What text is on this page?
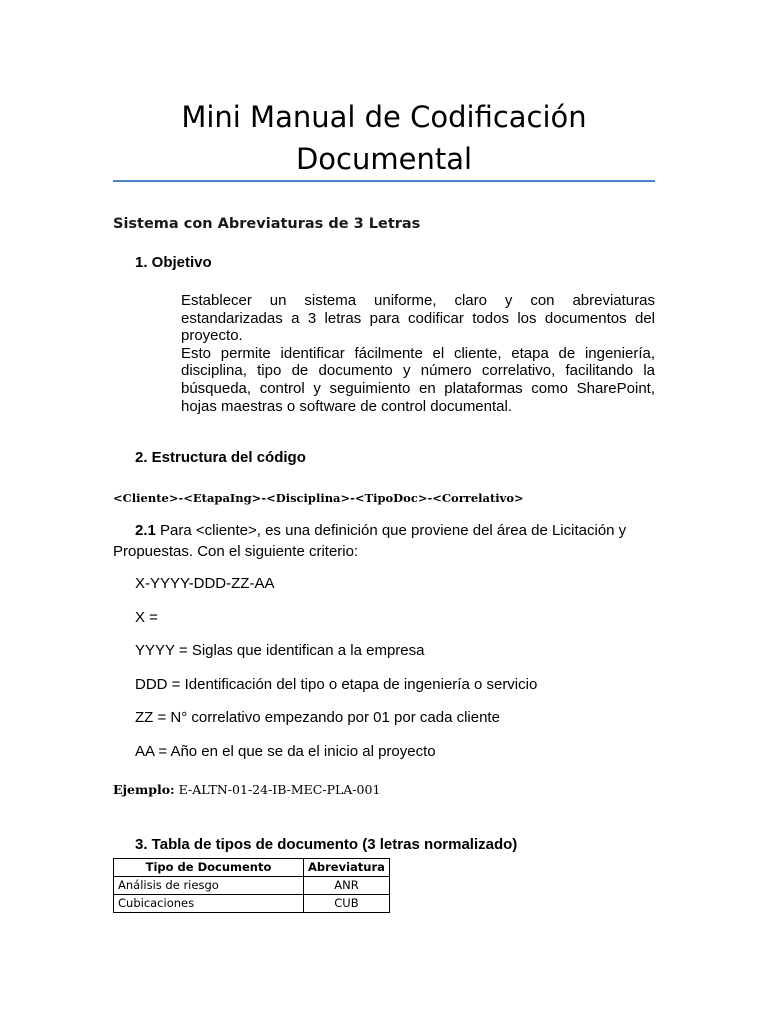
Mini Manual de Codificación
Documental
Sistema con Abreviaturas de 3 Letras
1. Objetivo

Establecer un sistema uniforme, claro y con abreviaturas estandarizadas a 3 letras para codificar todos los documentos del proyecto.

Esto permite identificar fácilmente el cliente, etapa de ingeniería, disciplina, tipo de documento y número correlativo, facilitando la búsqueda, control y seguimiento en plataformas como SharePoint, hojas maestras o software de control documental.

2. Estructura del código
<Cliente>-<EtapaIng>-<Disciplina>-<TipoDoc>-<Correlativo>
2.1 Para <cliente>, es una definición que proviene del área de Licitación y Propuestas. Con el siguiente criterio:
X-YYYY-DDD-ZZ-AA
X =
YYYY = Siglas que identifican a la empresa
DDD = Identificación del tipo o etapa de ingeniería o servicio
ZZ = N° correlativo empezando por 01 por cada cliente
AA = Año en el que se da el inicio al proyecto
Ejemplo: E-ALTN-01-24-IB-MEC-PLA-001
3. Tabla de tipos de documento (3 letras normalizado)
Tipo de Documento	Abreviatura
Análisis de riesgo	ANR
Cubicaciones	CUB
